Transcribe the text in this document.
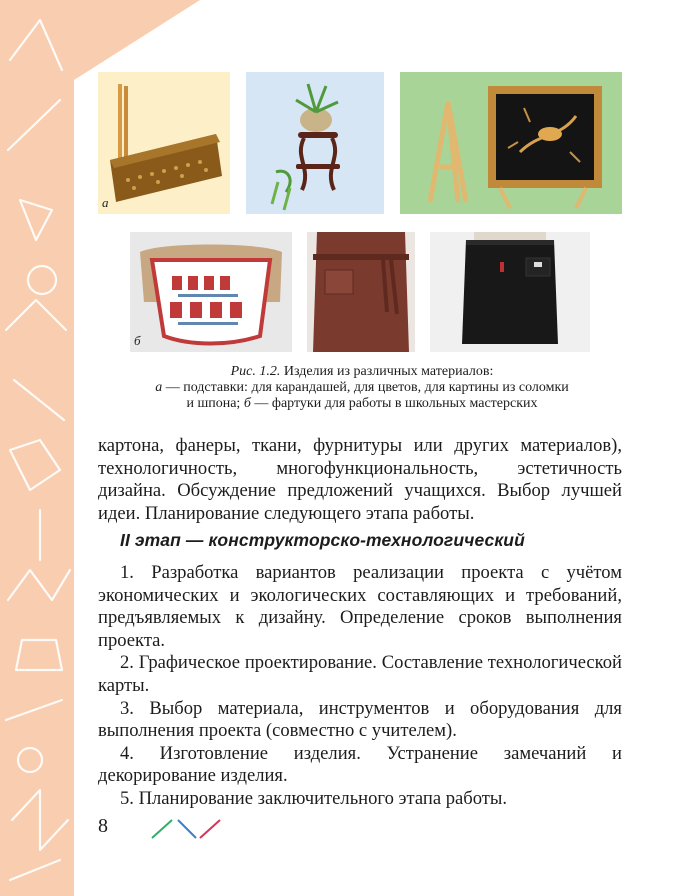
а
б
Рис. 1.2. Изделия из различных материалов:
а — подставки: для карандашей, для цветов, для картины из соломки
и шпона; б — фартуки для работы в школьных мастерских

картона, фанеры, ткани, фурнитуры или других материалов), технологичность, многофункциональность, эстетичность дизайна. Обсуждение предложений учащихся. Выбор лучшей идеи. Планирование следующего этапа работы.

II этап — конструкторско-технологический

1. Разработка вариантов реализации проекта с учётом экономических и экологических составляющих и требований, предъявляемых к дизайну. Определение сроков выполнения проекта.

2. Графическое проектирование. Составление технологической карты.

3. Выбор материала, инструментов и оборудования для выполнения проекта (совместно с учителем).

4. Изготовление изделия. Устранение замечаний и декорирование изделия.

5. Планирование заключительного этапа работы.

8
